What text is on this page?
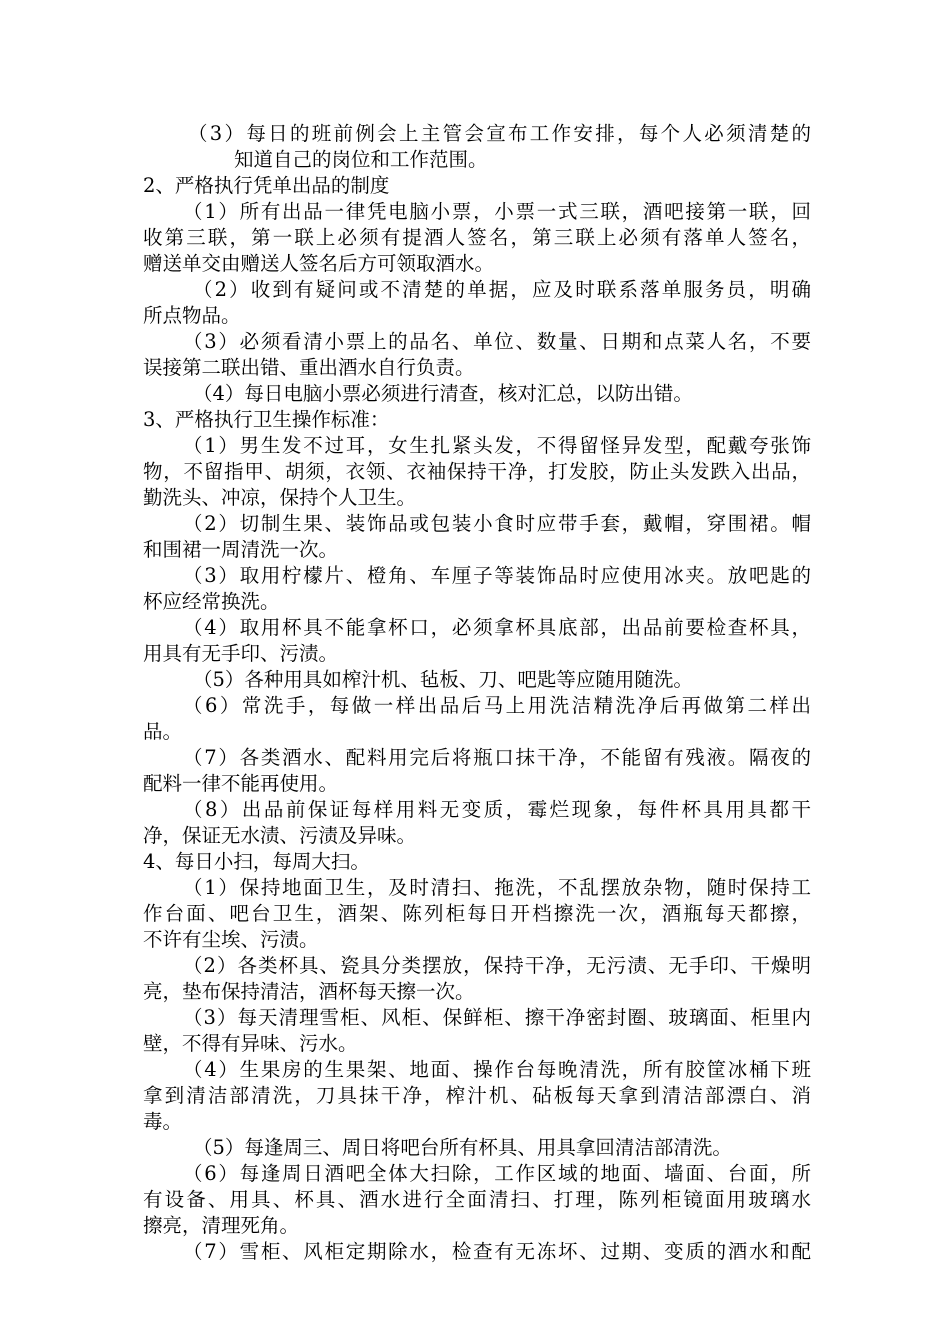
（3）每日的班前例会上主管会宣布工作安排，每个人必须清楚的
知道自己的岗位和工作范围。
2、严格执行凭单出品的制度
（1）所有出品一律凭电脑小票，小票一式三联，酒吧接第一联，回
收第三联，第一联上必须有提酒人签名，第三联上必须有落单人签名，
赠送单交由赠送人签名后方可领取酒水。
（2）收到有疑问或不清楚的单据，应及时联系落单服务员，明确
所点物品。
（3）必须看清小票上的品名、单位、数量、日期和点菜人名，不要
误接第二联出错、重出酒水自行负责。
（4）每日电脑小票必须进行清查，核对汇总，以防出错。
3、严格执行卫生操作标准：
（1）男生发不过耳，女生扎紧头发，不得留怪异发型，配戴夸张饰
物，不留指甲、胡须，衣领、衣袖保持干净，打发胶，防止头发跌入出品，
勤洗头、冲凉，保持个人卫生。
（2）切制生果、装饰品或包装小食时应带手套，戴帽，穿围裙。帽
和围裙一周清洗一次。
（3）取用柠檬片、橙角、车厘子等装饰品时应使用冰夹。放吧匙的
杯应经常换洗。
（4）取用杯具不能拿杯口，必须拿杯具底部，出品前要检查杯具，
用具有无手印、污渍。
（5）各种用具如榨汁机、毡板、刀、吧匙等应随用随洗。
（6）常洗手，每做一样出品后马上用洗洁精洗净后再做第二样出
品。
（7）各类酒水、配料用完后将瓶口抹干净，不能留有残液。隔夜的
配料一律不能再使用。
（8）出品前保证每样用料无变质，霉烂现象，每件杯具用具都干
净，保证无水渍、污渍及异味。
4、每日小扫，每周大扫。
（1）保持地面卫生，及时清扫、拖洗，不乱摆放杂物，随时保持工
作台面、吧台卫生，酒架、陈列柜每日开档擦洗一次，酒瓶每天都擦，
不许有尘埃、污渍。
（2）各类杯具、瓷具分类摆放，保持干净，无污渍、无手印、干燥明
亮，垫布保持清洁，酒杯每天擦一次。
（3）每天清理雪柜、风柜、保鲜柜、擦干净密封圈、玻璃面、柜里内
壁，不得有异味、污水。
（4）生果房的生果架、地面、操作台每晚清洗，所有胶筐冰桶下班
拿到清洁部清洗，刀具抹干净，榨汁机、砧板每天拿到清洁部漂白、消
毒。
（5）每逢周三、周日将吧台所有杯具、用具拿回清洁部清洗。
（6）每逢周日酒吧全体大扫除，工作区域的地面、墙面、台面，所
有设备、用具、杯具、酒水进行全面清扫、打理，陈列柜镜面用玻璃水
擦亮，清理死角。
（7）雪柜、风柜定期除水，检查有无冻坏、过期、变质的酒水和配
